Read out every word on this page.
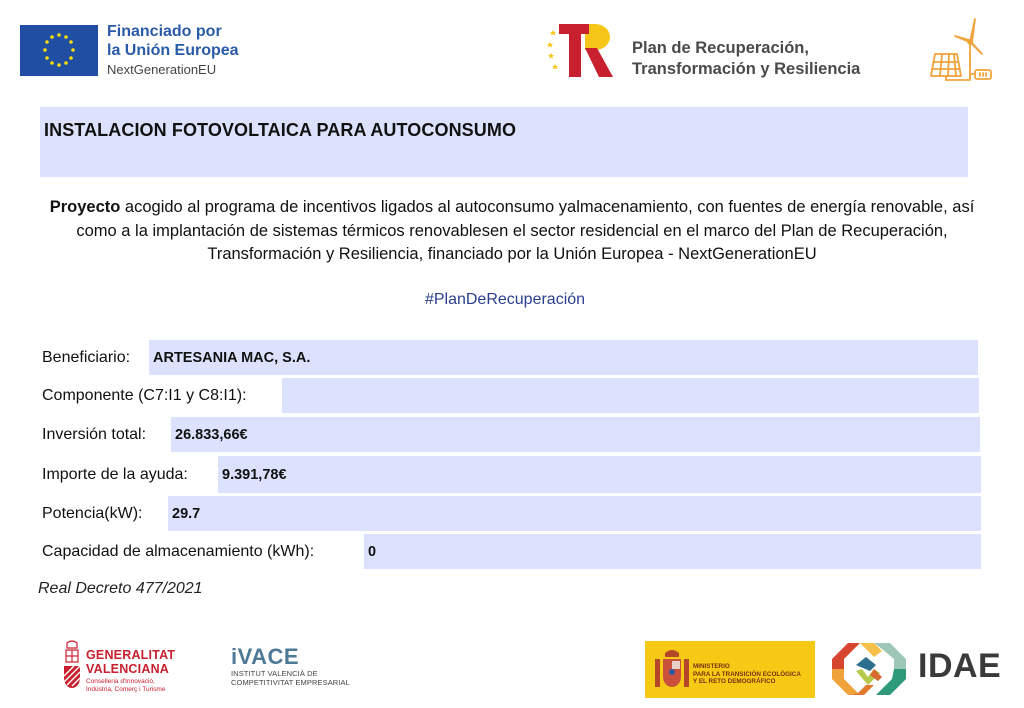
Financiado por
la Unión Europea
NextGenerationEU
Plan de Recuperación,
Transformación y Resiliencia
INSTALACION FOTOVOLTAICA PARA AUTOCONSUMO
Proyecto acogido al programa de incentivos ligados al autoconsumo yalmacenamiento, con fuentes de energía renovable, así como a la implantación de sistemas térmicos renovablesen el sector residencial en el marco del Plan de Recuperación, Transformación y Resiliencia, financiado por la Unión Europea - NextGenerationEU
#PlanDeRecuperación
Beneficiario: ARTESANIA MAC, S.A.
Componente (C7:I1 y C8:I1):
Inversión total: 26.833,66€
Importe de la ayuda: 9.391,78€
Potencia(kW): 29.7
Capacidad de almacenamiento (kWh):	0
Real Decreto 477/2021
GENERALITAT
VALENCIANA
Conselleria d'Innovació,
Indústria, Comerç i Turisme
iVACE
INSTITUT VALENCIÀ DE
COMPETITIVITAT EMPRESARIAL
MINISTERIO
PARA LA TRANSICIÓN ECOLÓGICA
Y EL RETO DEMOGRÁFICO	IDAE
